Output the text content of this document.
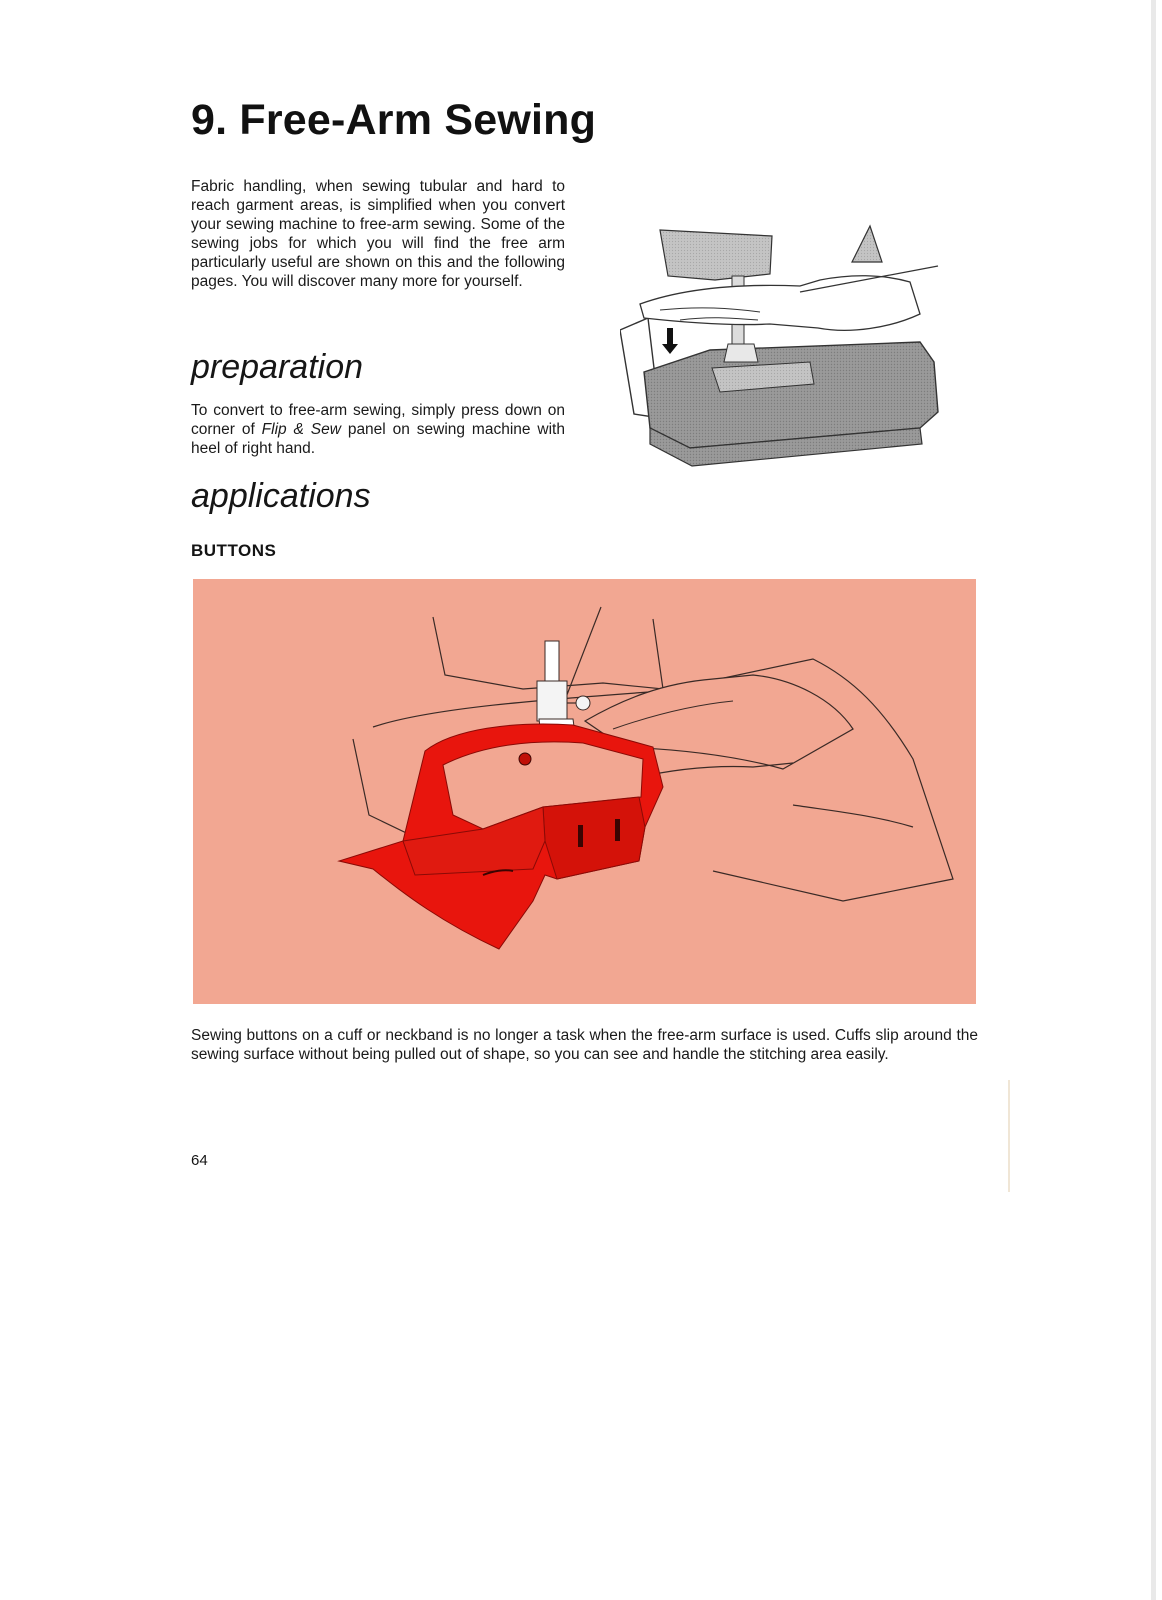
9. Free-Arm Sewing

Fabric handling, when sewing tubular and hard to reach garment areas, is simplified when you convert your sewing machine to free-arm sewing. Some of the sewing jobs for which you will find the free arm particularly useful are shown on this and the following pages. You will discover many more for yourself.

preparation

To convert to free-arm sewing, simply press down on corner of Flip & Sew panel on sewing machine with heel of right hand.

applications
BUTTONS

Sewing buttons on a cuff or neckband is no longer a task when the free-arm surface is used. Cuffs slip around the sewing surface without being pulled out of shape, so you can see and handle the stitching area easily.

64
